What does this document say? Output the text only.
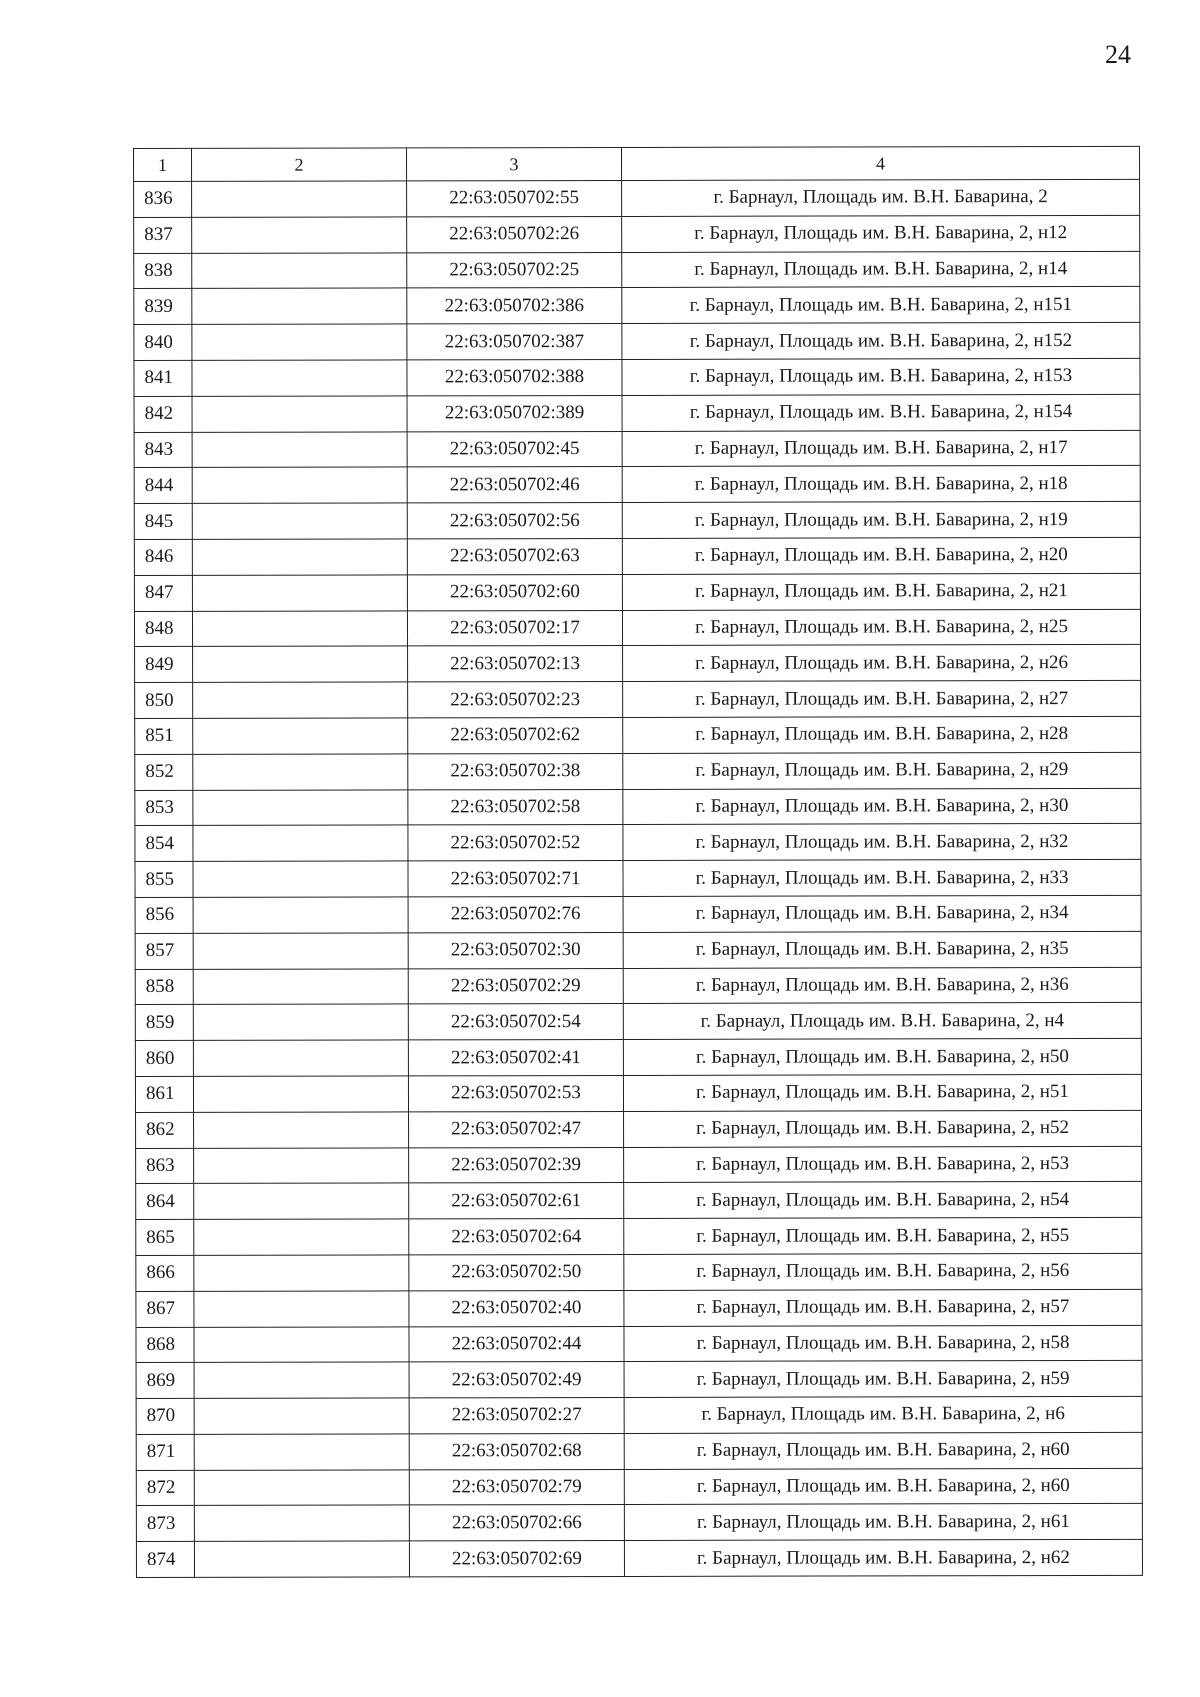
24
1	2	3	4
836		22:63:050702:55	г. Барнаул, Площадь им. В.Н. Баварина, 2
837		22:63:050702:26	г. Барнаул, Площадь им. В.Н. Баварина, 2, н12
838		22:63:050702:25	г. Барнаул, Площадь им. В.Н. Баварина, 2, н14
839		22:63:050702:386	г. Барнаул, Площадь им. В.Н. Баварина, 2, н151
840		22:63:050702:387	г. Барнаул, Площадь им. В.Н. Баварина, 2, н152
841		22:63:050702:388	г. Барнаул, Площадь им. В.Н. Баварина, 2, н153
842		22:63:050702:389	г. Барнаул, Площадь им. В.Н. Баварина, 2, н154
843		22:63:050702:45	г. Барнаул, Площадь им. В.Н. Баварина, 2, н17
844		22:63:050702:46	г. Барнаул, Площадь им. В.Н. Баварина, 2, н18
845		22:63:050702:56	г. Барнаул, Площадь им. В.Н. Баварина, 2, н19
846		22:63:050702:63	г. Барнаул, Площадь им. В.Н. Баварина, 2, н20
847		22:63:050702:60	г. Барнаул, Площадь им. В.Н. Баварина, 2, н21
848		22:63:050702:17	г. Барнаул, Площадь им. В.Н. Баварина, 2, н25
849		22:63:050702:13	г. Барнаул, Площадь им. В.Н. Баварина, 2, н26
850		22:63:050702:23	г. Барнаул, Площадь им. В.Н. Баварина, 2, н27
851		22:63:050702:62	г. Барнаул, Площадь им. В.Н. Баварина, 2, н28
852		22:63:050702:38	г. Барнаул, Площадь им. В.Н. Баварина, 2, н29
853		22:63:050702:58	г. Барнаул, Площадь им. В.Н. Баварина, 2, н30
854		22:63:050702:52	г. Барнаул, Площадь им. В.Н. Баварина, 2, н32
855		22:63:050702:71	г. Барнаул, Площадь им. В.Н. Баварина, 2, н33
856		22:63:050702:76	г. Барнаул, Площадь им. В.Н. Баварина, 2, н34
857		22:63:050702:30	г. Барнаул, Площадь им. В.Н. Баварина, 2, н35
858		22:63:050702:29	г. Барнаул, Площадь им. В.Н. Баварина, 2, н36
859		22:63:050702:54	г. Барнаул, Площадь им. В.Н. Баварина, 2, н4
860		22:63:050702:41	г. Барнаул, Площадь им. В.Н. Баварина, 2, н50
861		22:63:050702:53	г. Барнаул, Площадь им. В.Н. Баварина, 2, н51
862		22:63:050702:47	г. Барнаул, Площадь им. В.Н. Баварина, 2, н52
863		22:63:050702:39	г. Барнаул, Площадь им. В.Н. Баварина, 2, н53
864		22:63:050702:61	г. Барнаул, Площадь им. В.Н. Баварина, 2, н54
865		22:63:050702:64	г. Барнаул, Площадь им. В.Н. Баварина, 2, н55
866		22:63:050702:50	г. Барнаул, Площадь им. В.Н. Баварина, 2, н56
867		22:63:050702:40	г. Барнаул, Площадь им. В.Н. Баварина, 2, н57
868		22:63:050702:44	г. Барнаул, Площадь им. В.Н. Баварина, 2, н58
869		22:63:050702:49	г. Барнаул, Площадь им. В.Н. Баварина, 2, н59
870		22:63:050702:27	г. Барнаул, Площадь им. В.Н. Баварина, 2, н6
871		22:63:050702:68	г. Барнаул, Площадь им. В.Н. Баварина, 2, н60
872		22:63:050702:79	г. Барнаул, Площадь им. В.Н. Баварина, 2, н60
873		22:63:050702:66	г. Барнаул, Площадь им. В.Н. Баварина, 2, н61
874		22:63:050702:69	г. Барнаул, Площадь им. В.Н. Баварина, 2, н62
